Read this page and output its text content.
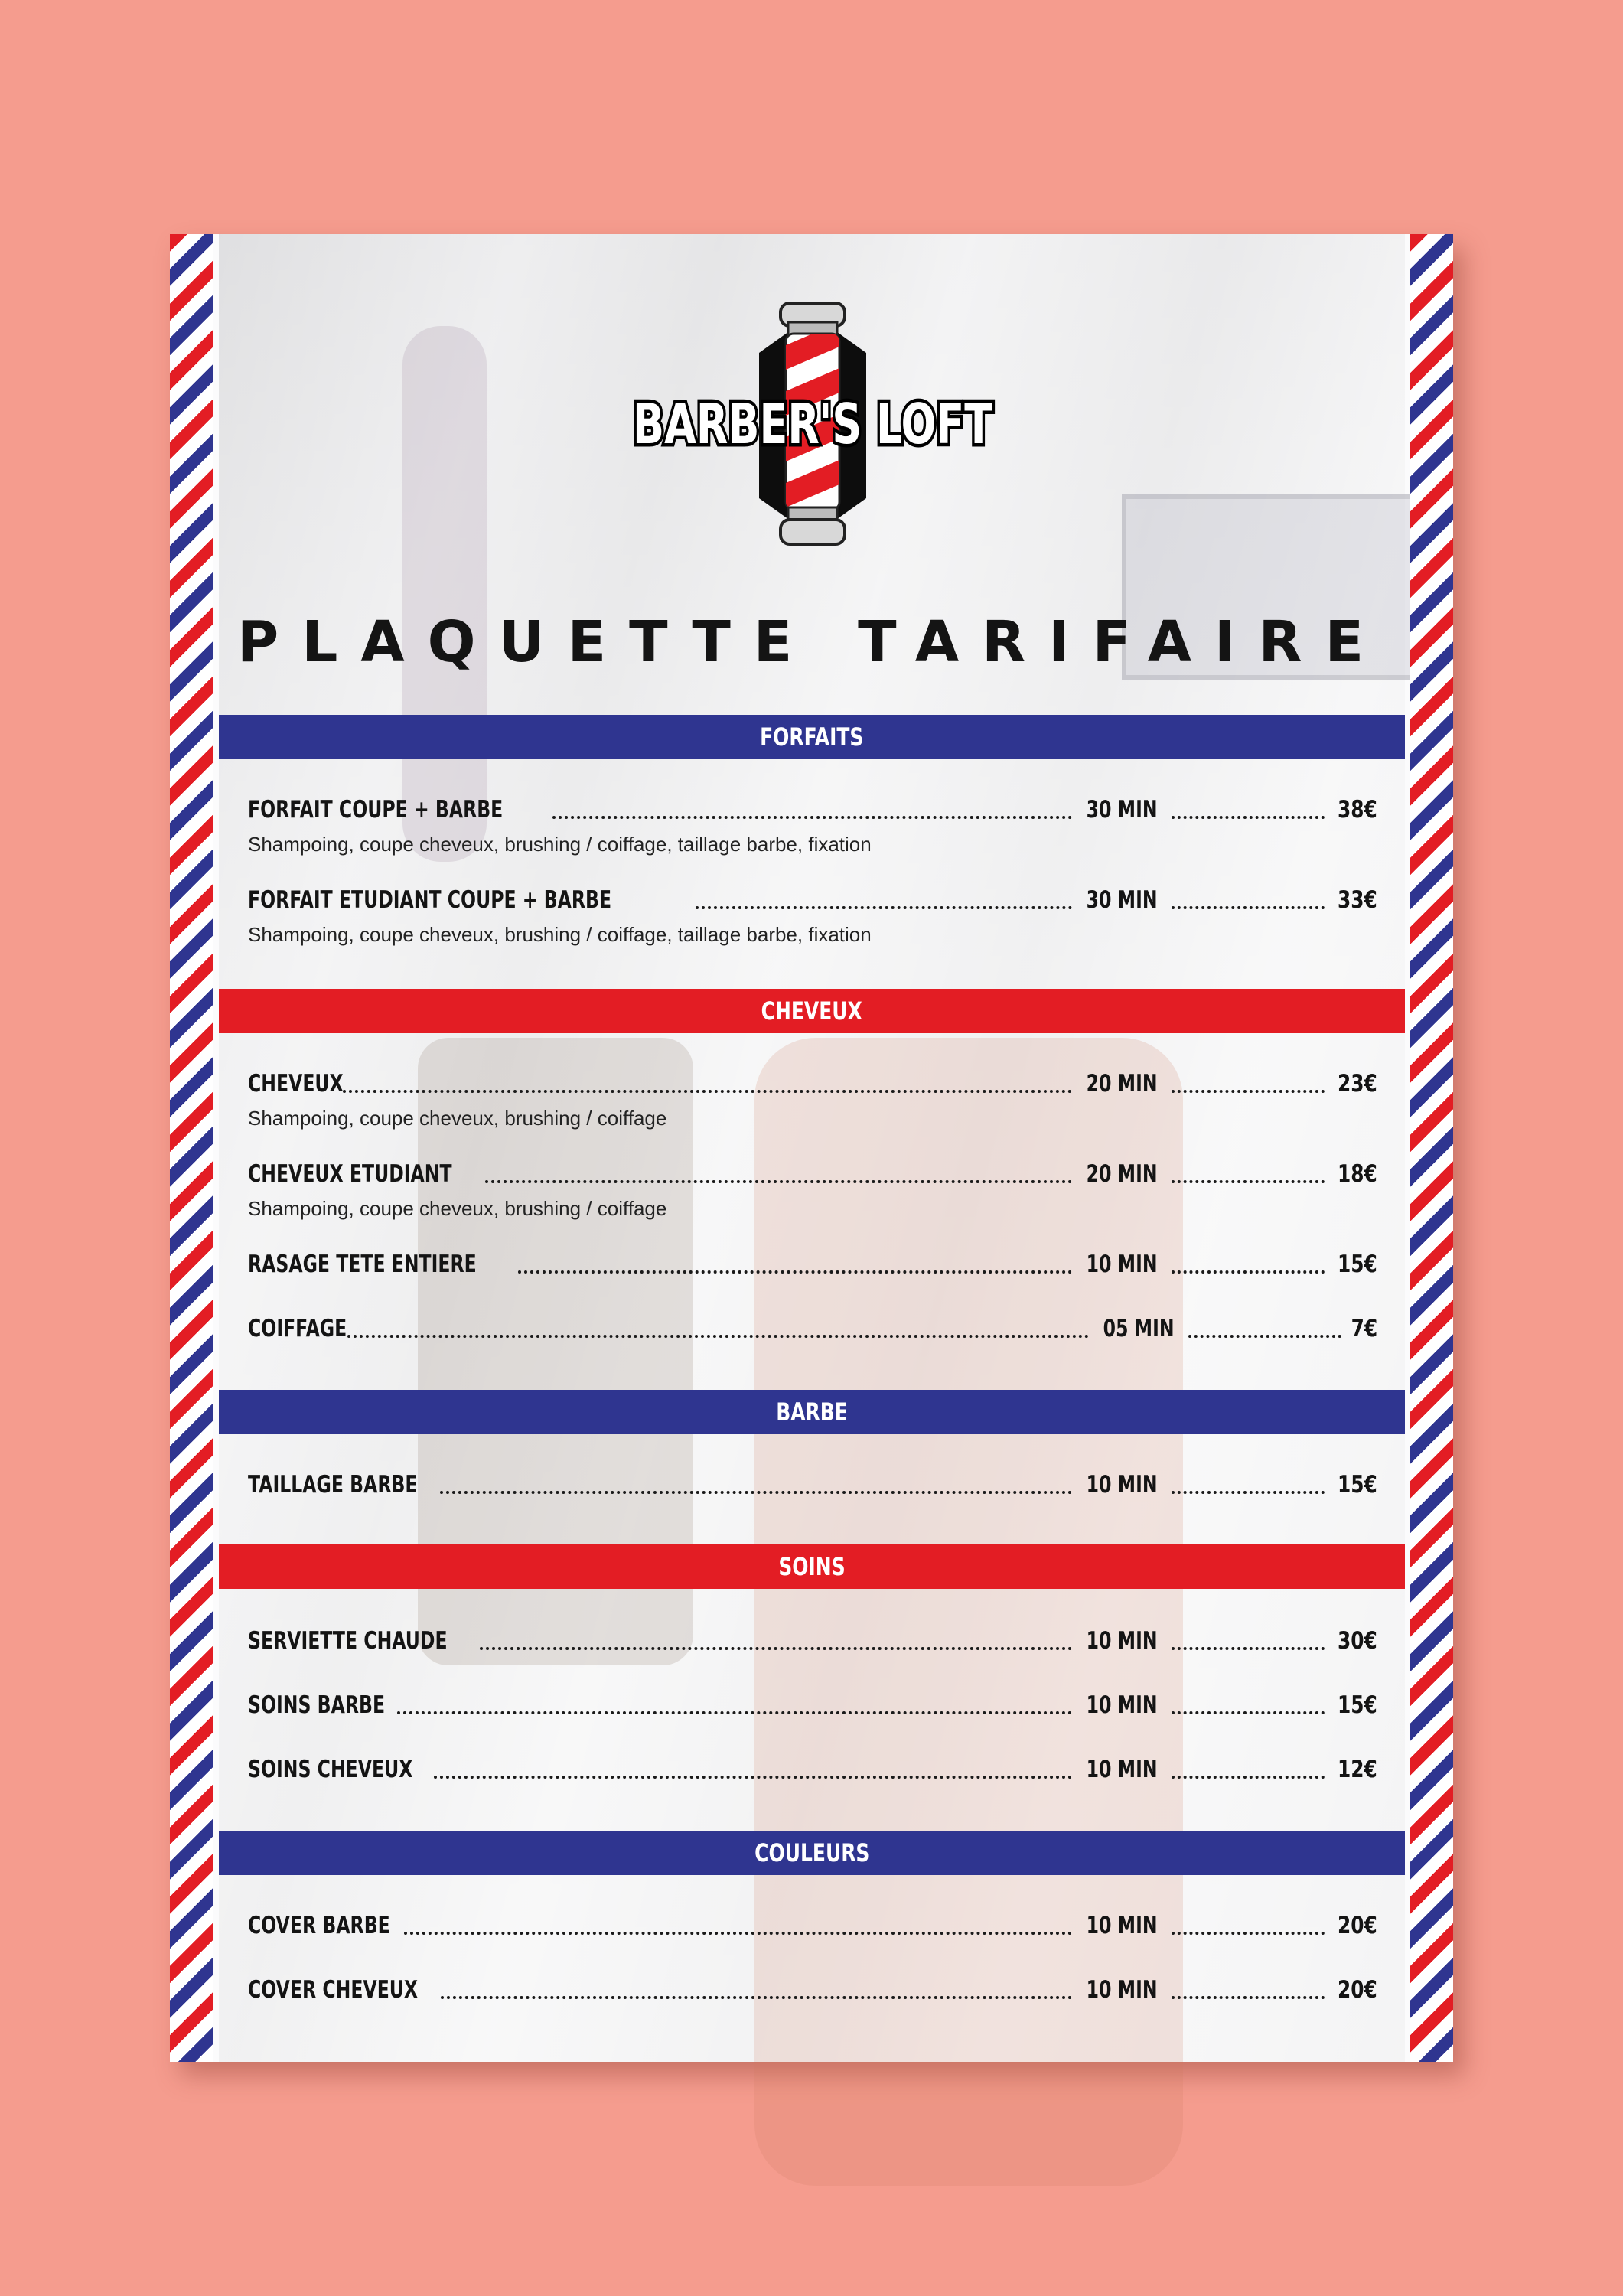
BARBER'S LOFT
PLAQUETTE TARIFAIRE
FORFAITS
FORFAIT COUPE + BARBE	30 MIN	38€
Shampoing, coupe cheveux, brushing / coiffage, taillage barbe, fixation
FORFAIT ETUDIANT COUPE + BARBE	30 MIN	33€
Shampoing, coupe cheveux, brushing / coiffage, taillage barbe, fixation
CHEVEUX
CHEVEUX	20 MIN	23€
Shampoing, coupe cheveux, brushing / coiffage
CHEVEUX ETUDIANT	20 MIN	18€
Shampoing, coupe cheveux, brushing / coiffage
RASAGE TETE ENTIERE	10 MIN	15€
COIFFAGE	05 MIN	7€
BARBE
TAILLAGE BARBE	10 MIN	15€
SOINS
SERVIETTE CHAUDE	10 MIN	30€
SOINS BARBE	10 MIN	15€
SOINS CHEVEUX	10 MIN	12€
COULEURS
COVER BARBE	10 MIN	20€
COVER CHEVEUX	10 MIN	20€
